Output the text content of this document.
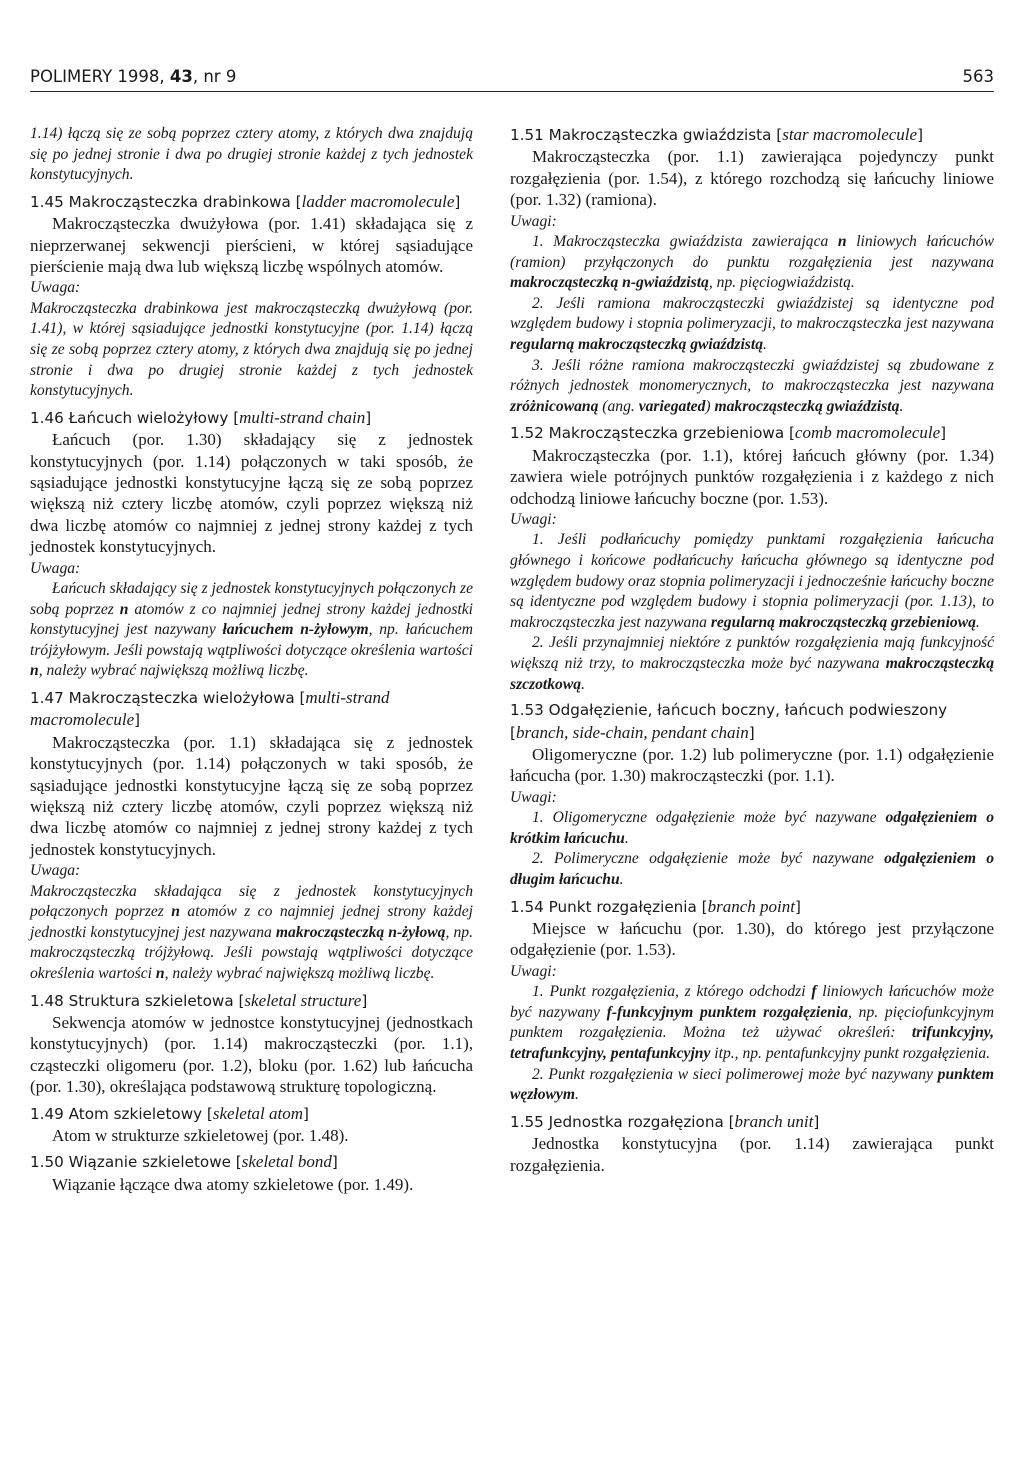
POLIMERY 1998, 43, nr 9	563

1.14) łączą się ze sobą poprzez cztery atomy, z których dwa znajdują się po jednej stronie i dwa po drugiej stronie każdej z tych jednostek konstytucyjnych.

1.45 Makrocząsteczka drabinkowa [ladder macromolecule]

Makrocząsteczka dwużyłowa (por. 1.41) składająca się z nieprzerwanej sekwencji pierścieni, w której sąsiadujące pierścienie mają dwa lub większą liczbę wspólnych atomów.

Uwaga:

Makrocząsteczka drabinkowa jest makrocząsteczką dwużyłową (por. 1.41), w której sąsiadujące jednostki konstytucyjne (por. 1.14) łączą się ze sobą poprzez cztery atomy, z których dwa znajdują się po jednej stronie i dwa po drugiej stronie każdej z tych jednostek konstytucyjnych.

1.46 Łańcuch wielożyłowy [multi-strand chain]

Łańcuch (por. 1.30) składający się z jednostek konstytucyjnych (por. 1.14) połączonych w taki sposób, że sąsiadujące jednostki konstytucyjne łączą się ze sobą poprzez większą niż cztery liczbę atomów, czyli poprzez większą niż dwa liczbę atomów co najmniej z jednej strony każdej z tych jednostek konstytucyjnych.

Uwaga:

Łańcuch składający się z jednostek konstytucyjnych połączonych ze sobą poprzez n atomów z co najmniej jednej strony każdej jednostki konstytucyjnej jest nazywany łańcuchem n-żyłowym, np. łańcuchem trójżyłowym. Jeśli powstają wątpliwości dotyczące określenia wartości n, należy wybrać największą możliwą liczbę.

1.47 Makrocząsteczka wielożyłowa [multi-strand macromolecule]

Makrocząsteczka (por. 1.1) składająca się z jednostek konstytucyjnych (por. 1.14) połączonych w taki sposób, że sąsiadujące jednostki konstytucyjne łączą się ze sobą poprzez większą niż cztery liczbę atomów, czyli poprzez większą niż dwa liczbę atomów co najmniej z jednej strony każdej z tych jednostek konstytucyjnych.

Uwaga:

Makrocząsteczka składająca się z jednostek konstytucyjnych połączonych poprzez n atomów z co najmniej jednej strony każdej jednostki konstytucyjnej jest nazywana makrocząsteczką n-żyłową, np. makrocząsteczką trójżyłową. Jeśli powstają wątpliwości dotyczące określenia wartości n, należy wybrać największą możliwą liczbę.

1.48 Struktura szkieletowa [skeletal structure]

Sekwencja atomów w jednostce konstytucyjnej (jednostkach konstytucyjnych) (por. 1.14) makrocząsteczki (por. 1.1), cząsteczki oligomeru (por. 1.2), bloku (por. 1.62) lub łańcucha (por. 1.30), określająca podstawową strukturę topologiczną.

1.49 Atom szkieletowy [skeletal atom]

Atom w strukturze szkieletowej (por. 1.48).

1.50 Wiązanie szkieletowe [skeletal bond]

Wiązanie łączące dwa atomy szkieletowe (por. 1.49).

1.51 Makrocząsteczka gwiaździsta [star macromolecule]

Makrocząsteczka (por. 1.1) zawierająca pojedynczy punkt rozgałęzienia (por. 1.54), z którego rozchodzą się łańcuchy liniowe (por. 1.32) (ramiona).

Uwagi:

1. Makrocząsteczka gwiaździsta zawierająca n liniowych łańcuchów (ramion) przyłączonych do punktu rozgałęzienia jest nazywana makrocząsteczką n-gwiaździstą, np. pięciogwiaździstą.

2. Jeśli ramiona makrocząsteczki gwiaździstej są identyczne pod względem budowy i stopnia polimeryzacji, to makrocząsteczka jest nazywana regularną makrocząsteczką gwiaździstą.

3. Jeśli różne ramiona makrocząsteczki gwiaździstej są zbudowane z różnych jednostek monomerycznych, to makrocząsteczka jest nazywana zróżnicowaną (ang. variegated) makrocząsteczką gwiaździstą.

1.52 Makrocząsteczka grzebieniowa [comb macromolecule]

Makrocząsteczka (por. 1.1), której łańcuch główny (por. 1.34) zawiera wiele potrójnych punktów rozgałęzienia i z każdego z nich odchodzą liniowe łańcuchy boczne (por. 1.53).

Uwagi:

1. Jeśli podłańcuchy pomiędzy punktami rozgałęzienia łańcucha głównego i końcowe podłańcuchy łańcucha głównego są identyczne pod względem budowy oraz stopnia polimeryzacji i jednocześnie łańcuchy boczne są identyczne pod względem budowy i stopnia polimeryzacji (por. 1.13), to makrocząsteczka jest nazywana regularną makrocząsteczką grzebieniową.

2. Jeśli przynajmniej niektóre z punktów rozgałęzienia mają funkcyjność większą niż trzy, to makrocząsteczka może być nazywana makrocząsteczką szczotkową.

1.53 Odgałęzienie, łańcuch boczny, łańcuch podwieszony [branch, side-chain, pendant chain]

Oligomeryczne (por. 1.2) lub polimeryczne (por. 1.1) odgałęzienie łańcucha (por. 1.30) makrocząsteczki (por. 1.1).

Uwagi:

1. Oligomeryczne odgałęzienie może być nazywane odgałęzieniem o krótkim łańcuchu.

2. Polimeryczne odgałęzienie może być nazywane odgałęzieniem o długim łańcuchu.

1.54 Punkt rozgałęzienia [branch point]

Miejsce w łańcuchu (por. 1.30), do którego jest przyłączone odgałęzienie (por. 1.53).

Uwagi:

1. Punkt rozgałęzienia, z którego odchodzi f liniowych łańcuchów może być nazywany f-funkcyjnym punktem rozgałęzienia, np. pięciofunkcyjnym punktem rozgałęzienia. Można też używać określeń: trifunkcyjny, tetrafunkcyjny, pentafunkcyjny itp., np. pentafunkcyjny punkt rozgałęzienia.

2. Punkt rozgałęzienia w sieci polimerowej może być nazywany punktem węzłowym.

1.55 Jednostka rozgałęziona [branch unit]

Jednostka konstytucyjna (por. 1.14) zawierająca punkt rozgałęzienia.
